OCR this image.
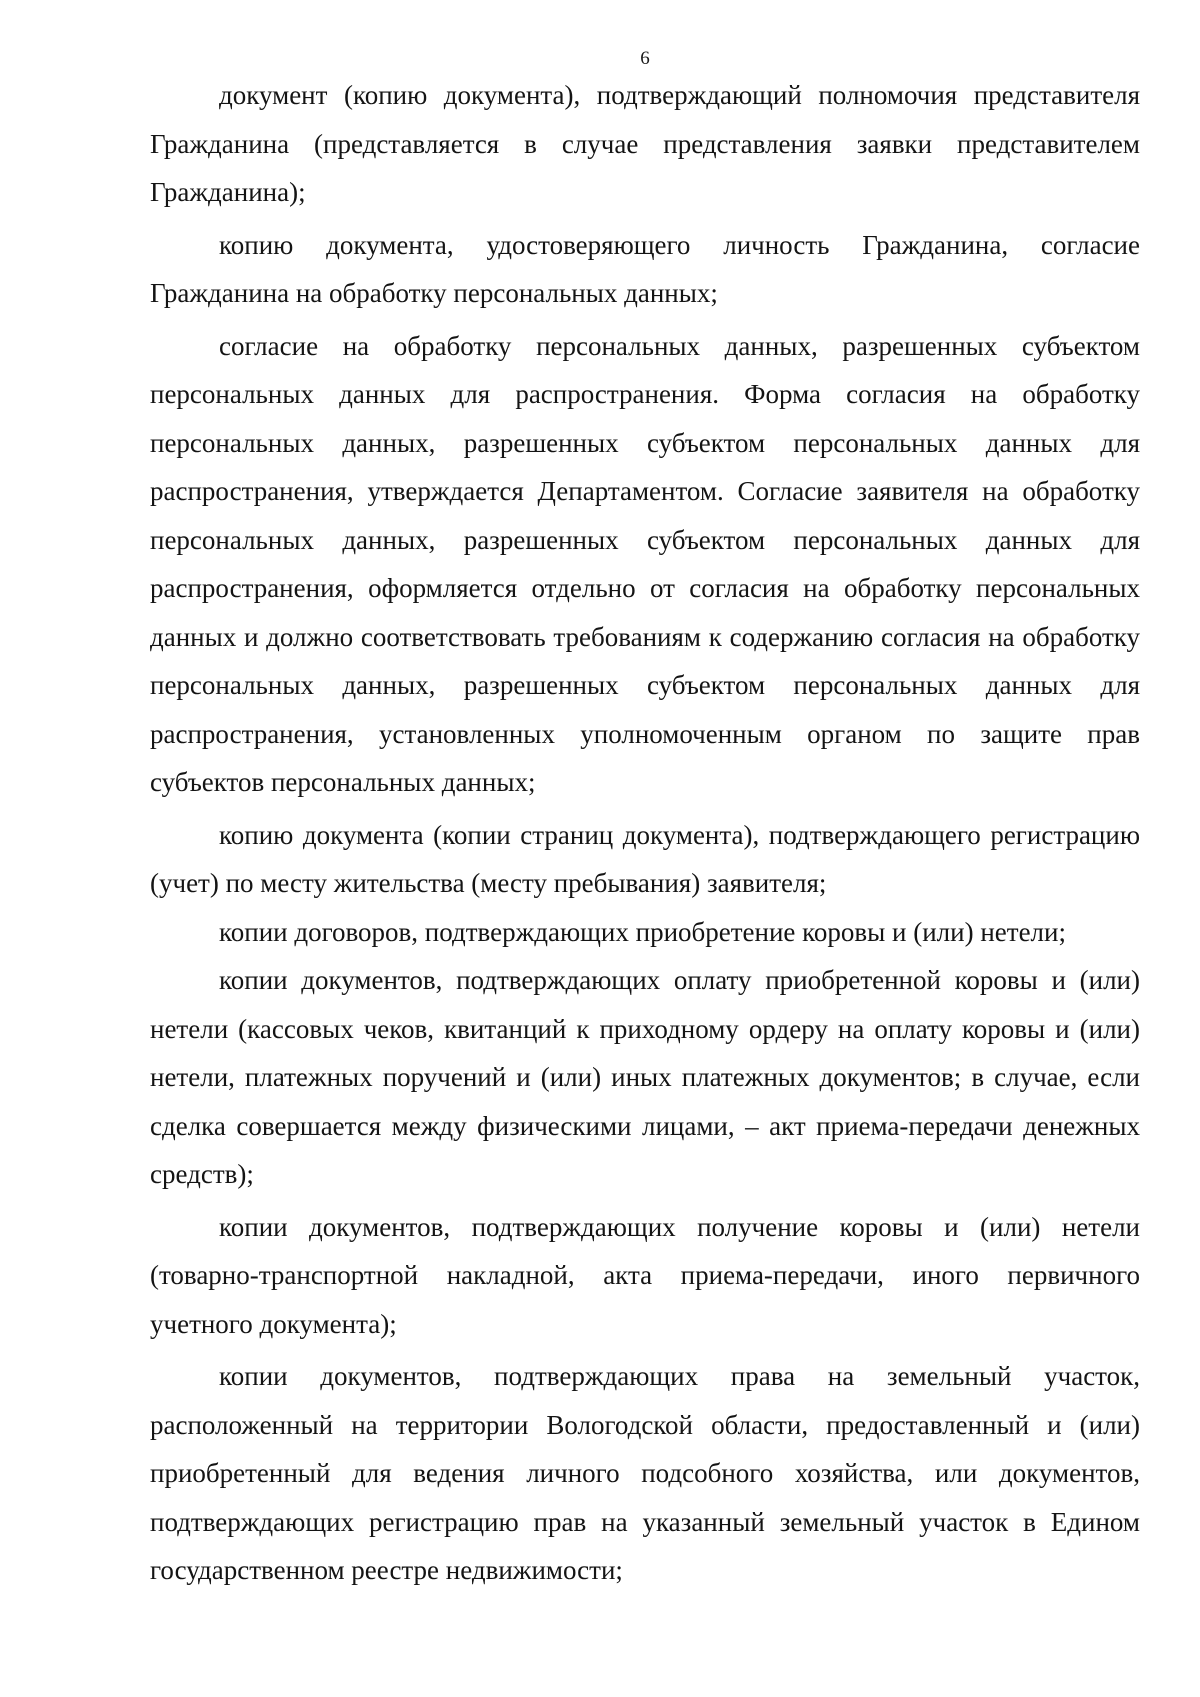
6

документ (копию документа), подтверждающий полномочия представителя Гражданина (представляется в случае представления заявки представителем Гражданина);

копию документа, удостоверяющего личность Гражданина, согласие Гражданина на обработку персональных данных;

согласие на обработку персональных данных, разрешенных субъектом персональных данных для распространения. Форма согласия на обработку персональных данных, разрешенных субъектом персональных данных для распространения, утверждается Департаментом. Согласие заявителя на обработку персональных данных, разрешенных субъектом персональных данных для распространения, оформляется отдельно от согласия на обработку персональных данных и должно соответствовать требованиям к содержанию согласия на обработку персональных данных, разрешенных субъектом персональных данных для распространения, установленных уполномоченным органом по защите прав субъектов персональных данных;

копию документа (копии страниц документа), подтверждающего регистрацию (учет) по месту жительства (месту пребывания) заявителя;

копии договоров, подтверждающих приобретение коровы и (или) нетели;

копии документов, подтверждающих оплату приобретенной коровы и (или) нетели (кассовых чеков, квитанций к приходному ордеру на оплату коровы и (или) нетели, платежных поручений и (или) иных платежных документов; в случае, если сделка совершается между физическими лицами, – акт приема-передачи денежных средств);

копии документов, подтверждающих получение коровы и (или) нетели (товарно-транспортной накладной, акта приема-передачи, иного первичного учетного документа);

копии документов, подтверждающих права на земельный участок, расположенный на территории Вологодской области, предоставленный и (или) приобретенный для ведения личного подсобного хозяйства, или документов, подтверждающих регистрацию прав на указанный земельный участок в Едином государственном реестре недвижимости;
